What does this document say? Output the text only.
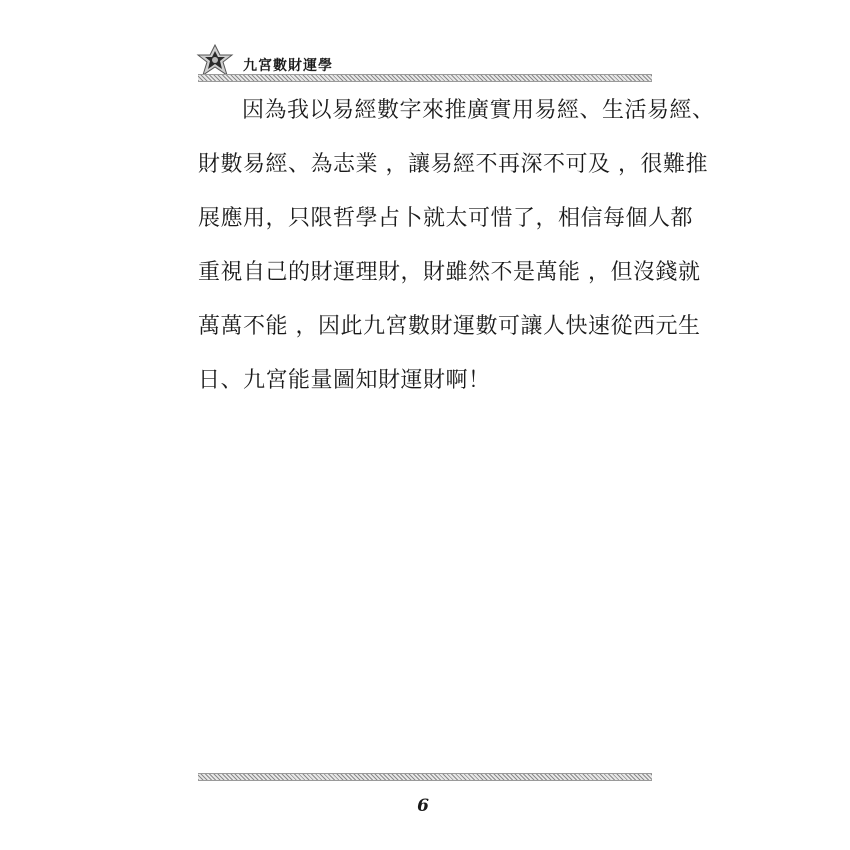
九宮數財運學
因為我以易經數字來推廣實用易經、生活易經、
財數易經、為志業 ，讓易經不再深不可及 ，很難推
展應用，只限哲學占卜就太可惜了，相信每個人都
重視自己的財運理財，財雖然不是萬能 ，但沒錢就
萬萬不能 ，因此九宮數財運數可讓人快速從西元生
日、九宮能量圖知財運財啊！
6
